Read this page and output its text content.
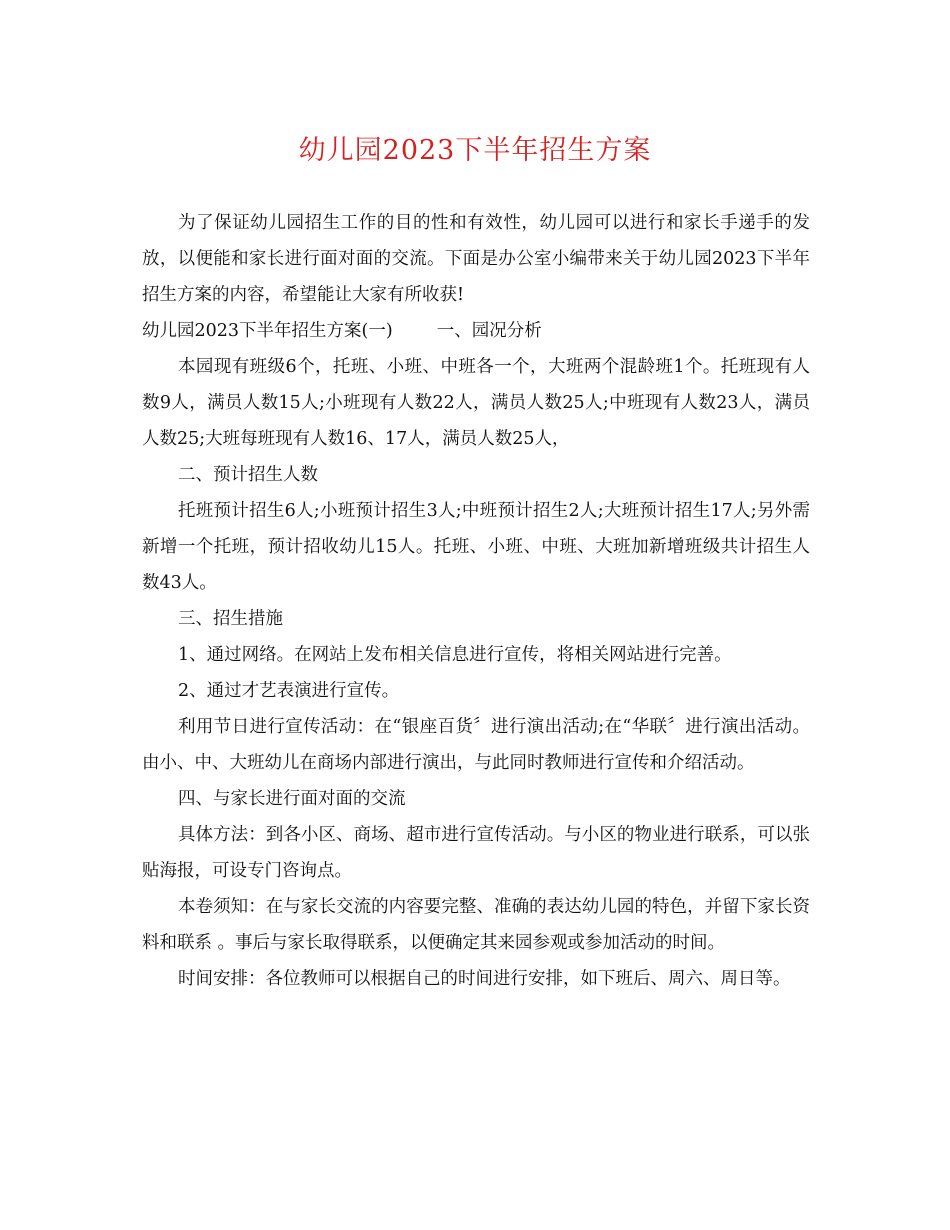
幼儿园2023下半年招生方案

为了保证幼儿园招生工作的目的性和有效性，幼儿园可以进行和家长手递手的发放，以便能和家长进行面对面的交流。下面是办公室小编带来关于幼儿园2023下半年招生方案的内容，希望能让大家有所收获!

幼儿园2023下半年招生方案(一)	一、园况分析

本园现有班级6个，托班、小班、中班各一个，大班两个混龄班1个。托班现有人数9人，满员人数15人;小班现有人数22人，满员人数25人;中班现有人数23人，满员人数25;大班每班现有人数16、17人，满员人数25人，

二、预计招生人数

托班预计招生6人;小班预计招生3人;中班预计招生2人;大班预计招生17人;另外需新增一个托班，预计招收幼儿15人。托班、小班、中班、大班加新增班级共计招生人数43人。

三、招生措施

1、通过网络。在网站上发布相关信息进行宣传，将相关网站进行完善。

2、通过才艺表演进行宣传。

利用节日进行宣传活动：在“银座百货〞进行演出活动;在“华联〞进行演出活动。由小、中、大班幼儿在商场内部进行演出，与此同时教师进行宣传和介绍活动。

四、与家长进行面对面的交流

具体方法：到各小区、商场、超市进行宣传活动。与小区的物业进行联系，可以张贴海报，可设专门咨询点。

本卷须知：在与家长交流的内容要完整、准确的表达幼儿园的特色，并留下家长资料和联系 。事后与家长取得联系，以便确定其来园参观或参加活动的时间。

时间安排：各位教师可以根据自己的时间进行安排，如下班后、周六、周日等。
